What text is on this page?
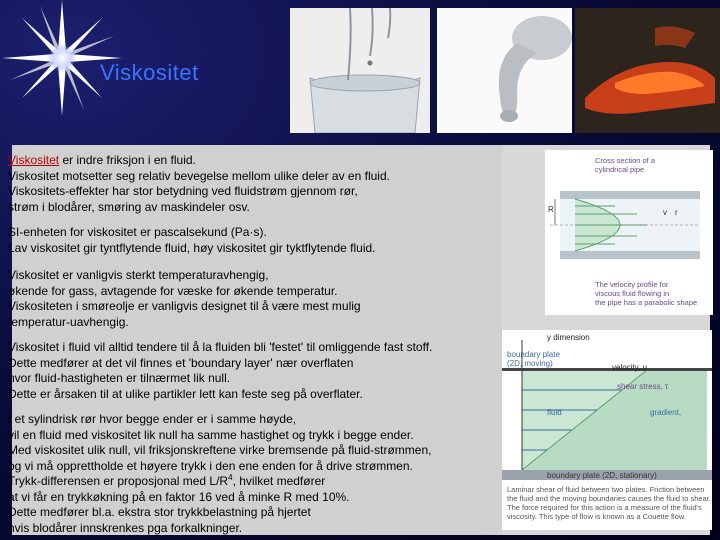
Viskositet
Viskositet er indre friksjon i en fluid.
Viskositet motsetter seg relativ bevegelse mellom ulike deler av en fluid.
Viskositets-effekter har stor betydning ved fluidstrøm gjennom rør,
strøm i blodårer, smøring av maskindeler osv.
SI-enheten for viskositet er pascalsekund (Pa·s).
Lav viskositet gir tyntflytende fluid, høy viskositet gir tyktflytende fluid.
Viskositet er vanligvis sterkt temperaturavhengig,
økende for gass, avtagende for væske for økende temperatur.
Viskositeten i smøreolje er vanligvis designet til å være mest mulig
temperatur-uavhengig.
Viskositet i fluid vil alltid tendere til å la fluiden bli 'festet' til omliggende fast stoff.
Dette medfører at det vil finnes et 'boundary layer' nær overflaten
hvor fluid-hastigheten er tilnærmet lik null.
Dette er årsaken til at ulike partikler lett kan feste seg på overflater.
I et sylindrisk rør hvor begge ender er i samme høyde,
vil en fluid med viskositet lik null ha samme hastighet og trykk i begge ender.
Med viskositet ulik null, vil friksjonskreftene virke bremsende på fluid-strømmen,
og vi må opprettholde et høyere trykk i den ene enden for å drive strømmen.
Trykk-differensen er proposjonal med $L/R^4$, hvilket medfører
at vi får en trykkøkning på en faktor 16 ved å minke R med 10%.
Dette medfører bl.a. ekstra stor trykkbelastning på hjertet
hvis blodårer innskrenkes pga forkalkninger.
Cross section of a
cylindrical pipe
R	v r
The velocity profile for
viscous fluid flowing in
the pipe has a parabolic shape
y dimension
boundary plate
(2D, moving)	velocity, u
shear stress, τ
fluid	gradient,
boundary plate (2D, stationary)
Laminar shear of fluid between two plates. Friction between
the fluid and the moving boundaries causes the fluid to shear.
The force required for this action is a measure of the fluid's
viscosity. This type of flow is known as a Couette flow.
